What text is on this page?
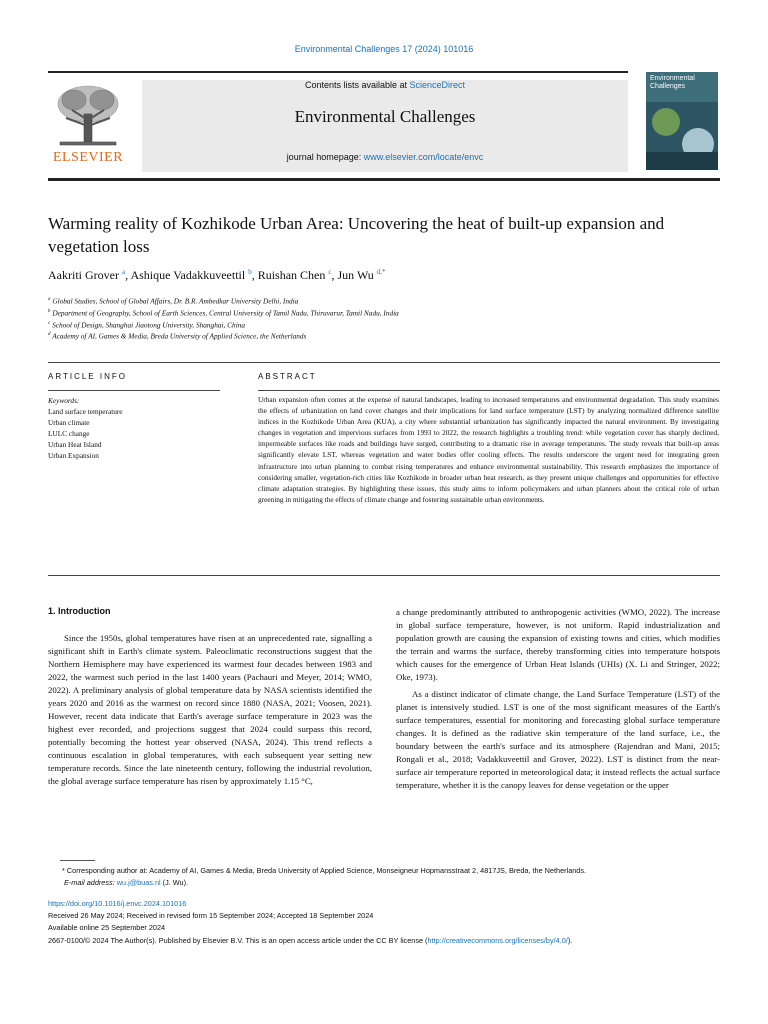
Environmental Challenges 17 (2024) 101016
ELSEVIER
Contents lists available at ScienceDirect
Environmental Challenges
journal homepage: www.elsevier.com/locate/envc
Environmental Challenges
Warming reality of Kozhikode Urban Area: Uncovering the heat of built-up expansion and vegetation loss
Aakriti Grover $^a$, Ashique Vadakkuveettil $^b$, Ruishan Chen $^c$, Jun Wu $^{d,*}$
$^a$ Global Studies, School of Global Affairs, Dr. B.R. Ambedkar University Delhi, India
$^b$ Department of Geography, School of Earth Sciences, Central University of Tamil Nadu, Thiruvarur, Tamil Nadu, India
$^c$ School of Design, Shanghai Jiaotong University, Shanghai, China
$^d$ Academy of AI, Games & Media, Breda University of Applied Science, the Netherlands
ARTICLE INFO	ABSTRACT
Keywords:
Land surface temperature
Urban climate
LULC change
Urban Heat Island
Urban Expansion
Urban expansion often comes at the expense of natural landscapes, leading to increased temperatures and environmental degradation. This study examines the effects of urbanization on land cover changes and their implications for land surface temperature (LST) by analyzing normalized difference satellite indices in the Kozhikode Urban Area (KUA), a city where substantial urbanization has significantly impacted the natural environment. By investigating changes in vegetation and impervious surfaces from 1993 to 2022, the research highlights a troubling trend: while vegetation cover has sharply declined, impermeable surfaces like roads and buildings have surged, contributing to a dramatic rise in average temperatures. The study reveals that built-up areas significantly elevate LST, whereas vegetation and water bodies offer cooling effects. The results underscore the urgent need for integrating green infrastructure into urban planning to combat rising temperatures and enhance environmental sustainability. This research emphasizes the importance of considering smaller, vegetation-rich cities like Kozhikode in broader urban heat research, as they present unique challenges and opportunities for effective climate adaptation strategies. By highlighting these issues, this study aims to inform policymakers and urban planners about the critical role of urban greening in mitigating the effects of climate change and fostering sustainable urban environments.
1. Introduction
Since the 1950s, global temperatures have risen at an unprecedented rate, signalling a significant shift in Earth's climate system. Paleoclimatic reconstructions suggest that the Northern Hemisphere may have experienced its warmest four decades between 1983 and 2022, the warmest such period in the last 1400 years (Pachauri and Meyer, 2014; WMO, 2022). A preliminary analysis of global temperature data by NASA scientists identified the years 2020 and 2016 as the warmest on record since 1880 (NASA, 2021; Voosen, 2021). However, recent data indicate that Earth's average surface temperature in 2023 was the highest ever recorded, and projections suggest that 2024 could surpass this record, potentially becoming the hottest year observed (NASA, 2024). This trend reflects a continuous escalation in global temperatures, with each subsequent year setting new temperature records. Since the late nineteenth century, following the industrial revolution, the global average surface temperature has risen by approximately 1.15 °C,

a change predominantly attributed to anthropogenic activities (WMO, 2022). The increase in global surface temperature, however, is not uniform. Rapid industrialization and population growth are causing the expansion of existing towns and cities, which modifies the terrain and warms the surface, thereby transforming cities into temperature hotspots which causes for the emergence of Urban Heat Islands (UHIs) (X. Li and Stringer, 2022; Oke, 1973).

As a distinct indicator of climate change, the Land Surface Temperature (LST) of the planet is intensively studied. LST is one of the most significant measures of the Earth's surface temperatures, essential for monitoring and forecasting global surface temperature changes. It is defined as the radiative skin temperature of the land surface, i.e., the boundary between the earth's surface and its atmosphere (Rajendran and Mani, 2015; Rongali et al., 2018; Vadakkuveettil and Grover, 2022). LST is distinct from the near-surface air temperature reported in meteorological data; it instead reflects the actual surface temperature, whether it is the canopy leaves for dense vegetation or the upper

* Corresponding author at: Academy of AI, Games & Media, Breda University of Applied Science, Monseigneur Hopmansstraat 2, 4817JS, Breda, the Netherlands.
E-mail address: wu.j@buas.nl (J. Wu).
https://doi.org/10.1016/j.envc.2024.101016
Received 26 May 2024; Received in revised form 15 September 2024; Accepted 18 September 2024
Available online 25 September 2024
2667-0100/© 2024 The Author(s). Published by Elsevier B.V. This is an open access article under the CC BY license (http://creativecommons.org/licenses/by/4.0/).
